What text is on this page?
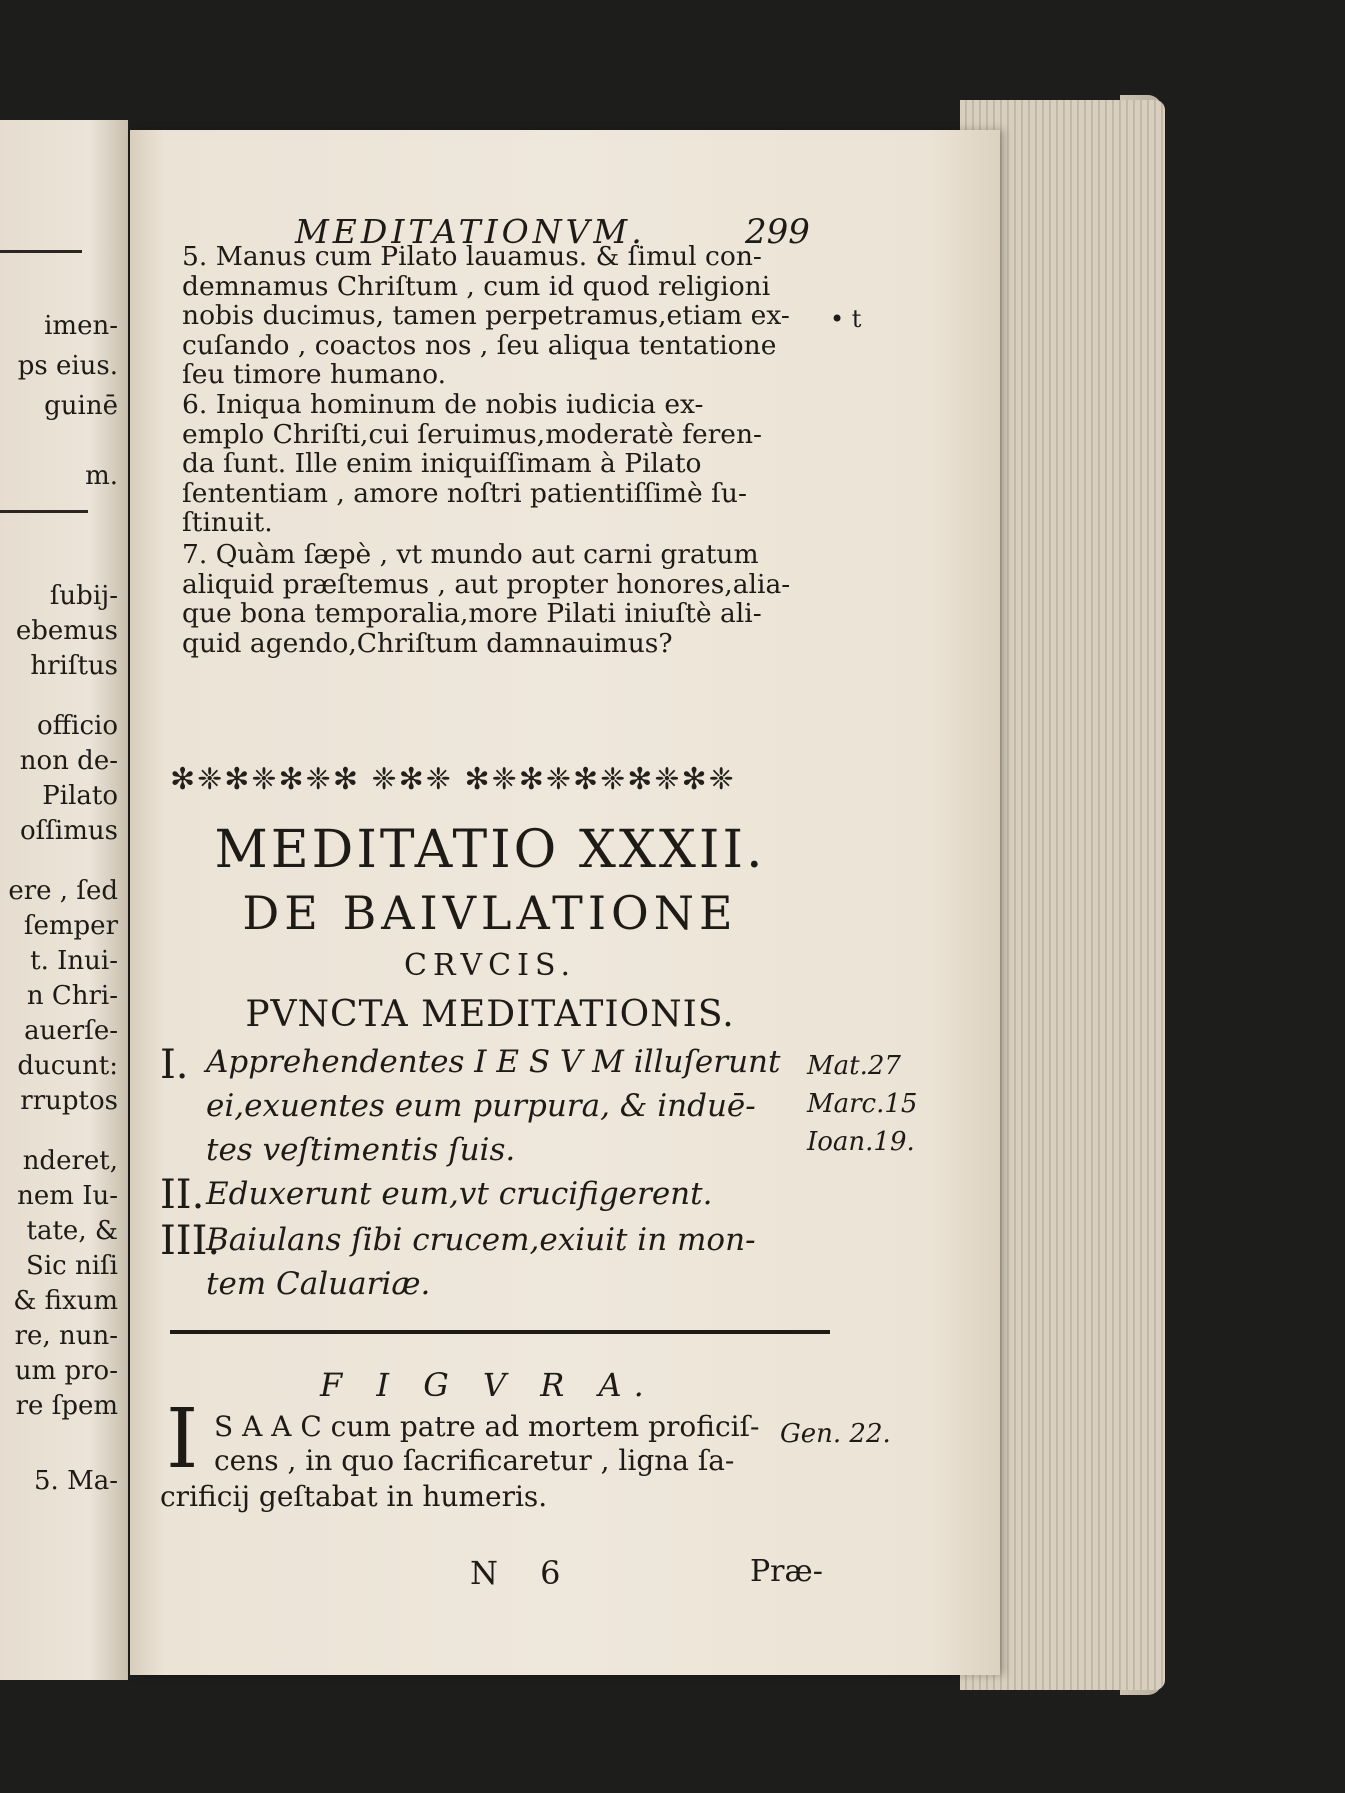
imen-
ps eius.
guinē
m.
ſubij-
ebemus
hriſtus
officio
non de-
Pilato
oſſimus
ere , ſed
ſemper
t. Inui-
n Chri-
auerſe-
ducunt:
rruptos
nderet,
nem Iu-
tate, &
Sic niſi
& fixum
re, nun-
um pro-
re ſpem
5. Ma-
MEDITATIONVM.	299
5. Manus cum Pilato lauamus. & ſimul con-
demnamus Chriſtum , cum id quod religioni
nobis ducimus, tamen perpetramus,etiam ex-
cuſando , coactos nos , ſeu aliqua tentatione
ſeu timore humano.
• t
6. Iniqua hominum de nobis iudicia ex-
emplo Chriſti,cui ſeruimus,moderatè feren-
da ſunt. Ille enim iniquiſſimam à Pilato
ſententiam , amore noſtri patientiſſimè ſu-
ſtinuit.
7. Quàm ſæpè , vt mundo aut carni gratum
aliquid præſtemus , aut propter honores,alia-
que bona temporalia,more Pilati iniuſtè ali-
quid agendo,Chriſtum damnauimus?
✻❈✻❈✻❈✻ ❈✻❈ ✻❈✻❈✻❈✻❈✻❈
MEDITATIO XXXII.
DE BAIVLATIONE
CRVCIS.
PVNCTA MEDITATIONIS.
I. Apprehendentes I E S V M illuſerunt
ei,exuentes eum purpura, & induē-
tes veſtimentis ſuis.
II. Eduxerunt eum,vt crucifigerent.
III.
Baiulans ſibi crucem,exiuit in mon-
tem Caluariæ.
Mat.27
Marc.15
Ioan.19.
F I G V R A.
I S A A C cum patre ad mortem proficiſ-
cens , in quo ſacrificaretur , ligna ſa-
crificij geſtabat in humeris.
Gen. 22.
N 6	Præ-
